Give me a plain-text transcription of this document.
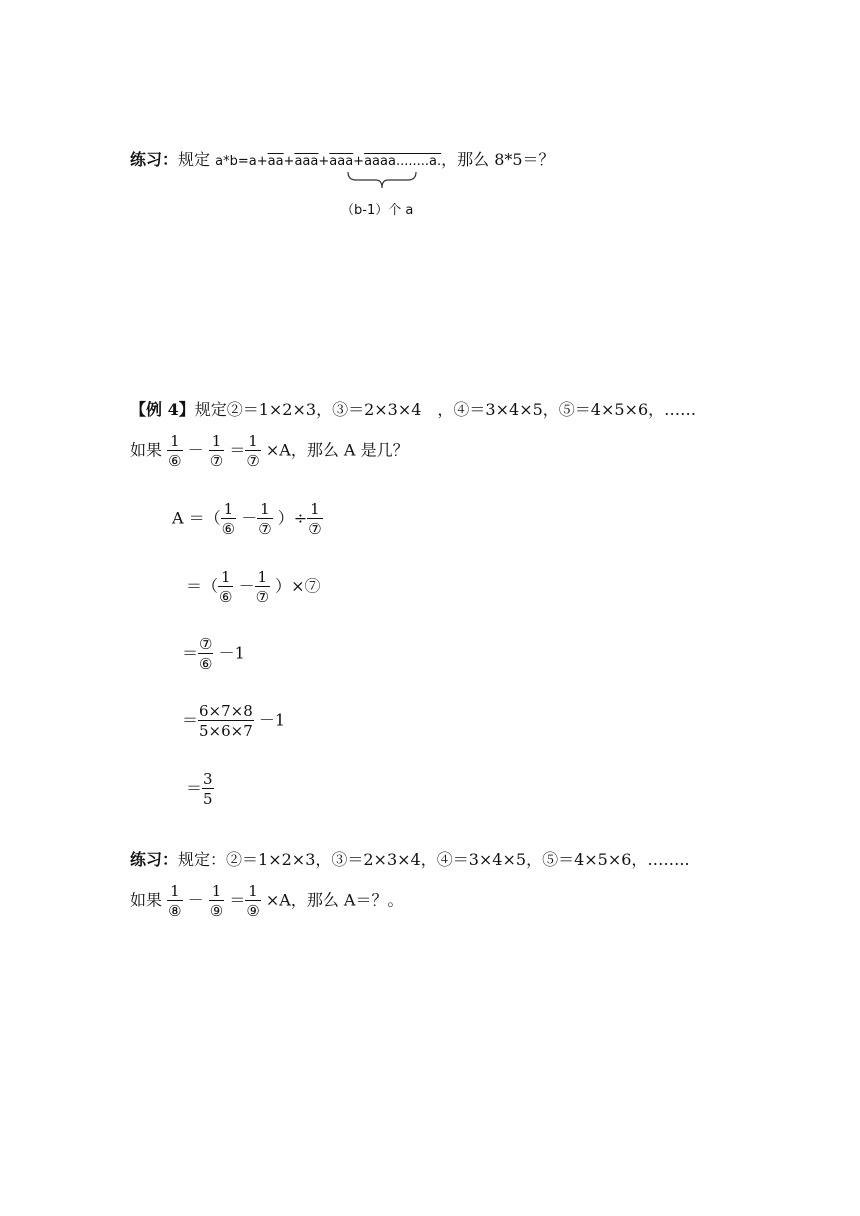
练习：规定 $a*b=a+\overline{aa}+\overline{aaa}+\overline{aaa}+aaaa........a$.，那么 8*5＝？
（b-1）个 a
【例 4】规定②＝1×2×3，③＝2×3×4　，④＝3×4×5，⑤＝4×5×6，……
如果 $\frac{1}{\text{⑥}} - \frac{1}{\text{⑦}} = \frac{1}{\text{⑦}} \times A$，那么 A 是几？
A ＝（ $\frac{1}{\text{⑥}} - \frac{1}{\text{⑦}}$ ）÷ $\frac{1}{\text{⑦}}$
＝（ $\frac{1}{\text{⑥}} - \frac{1}{\text{⑦}}$ ）×⑦
＝ $\frac{\text{⑦}}{\text{⑥}} -1$
＝ $\frac{6\times 7\times 8}{5\times 6\times 7} -1$
＝ $\frac{3}{5}$
练习：规定：②＝1×2×3，③＝2×3×4，④＝3×4×5，⑤＝4×5×6，……..
如果 $\frac{1}{\text{⑧}} - \frac{1}{\text{⑨}} = \frac{1}{\text{⑨}} \times A$，那么 A＝？。
